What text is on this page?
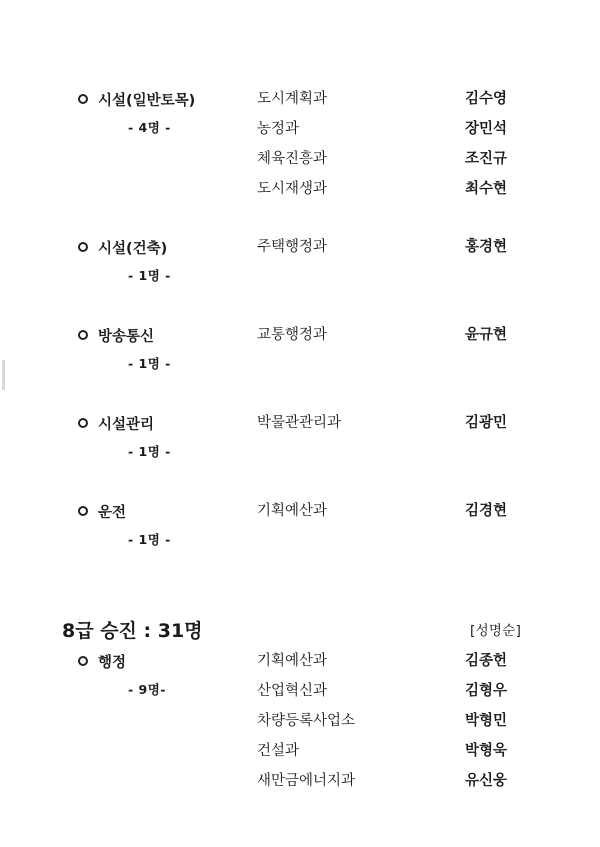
시설(일반토목)
- 4명 -
도시계획과	김수영
농정과	장민석
체육진흥과	조진규
도시재생과	최수현
시설(건축)
- 1명 -
주택행정과	홍경현
방송통신
- 1명 -
교통행정과	윤규현
시설관리
- 1명 -
박물관관리과	김광민
운전
- 1명 -
기획예산과	김경현
8급 승진 : 31명	[성명순]
행정
- 9명-
기획예산과	김종헌
산업혁신과	김형우
차량등록사업소	박형민
건설과	박형욱
새만금에너지과	유신웅
